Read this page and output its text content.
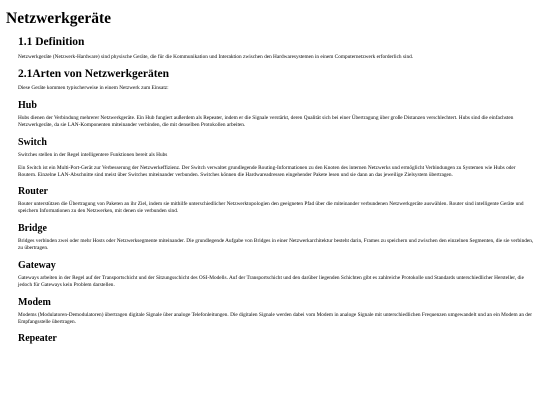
Netzwerkgeräte
1.1 Definition

Netzwerkgeräte (Netzwerk-Hardware) sind physische Geräte, die für die Kommunikation und Interaktion zwischen den Hardwaresystemen in einem Computernetzwerk erforderlich sind.

2.1Arten von Netzwerkgeräten

Diese Geräte kommen typischerweise in einem Netzwerk zum Einsatz:

Hub

Hubs dienen der Verbindung mehrerer Netzwerkgeräte. Ein Hub fungiert außerdem als Repeater, indem er die Signale verstärkt, deren Qualität sich bei einer Übertragung über große Distanzen verschlechtert. Hubs sind die einfachsten Netzwerkgeräte, da sie LAN-Komponenten miteinander verbinden, die mit denselben Protokollen arbeiten.

Switch

Switches stellen in der Regel intelligentere Funktionen bereit als Hubs

Ein Switch ist ein Multi-Port-Gerät zur Verbesserung der Netzwerkeffizienz. Der Switch verwaltet grundlegende Routing-Informationen zu den Knoten des internen Netzwerks und ermöglicht Verbindungen zu Systemen wie Hubs oder Routern. Einzelne LAN-Abschnitte sind meist über Switches miteinander verbunden. Switches können die Hardwareadressen eingehender Pakete lesen und sie dann an das jeweilige Zielsystem übertragen.

Router

Router unterstützen die Übertragung von Paketen an ihr Ziel, indem sie mithilfe unterschiedlicher Netzwerktopologien den geeigneten Pfad über die miteinander verbundenen Netzwerkgeräte auswählen. Router sind intelligente Geräte und speichern Informationen zu den Netzwerken, mit denen sie verbunden sind.

Bridge

Bridges verbinden zwei oder mehr Hosts oder Netzwerksegmente miteinander. Die grundlegende Aufgabe von Bridges in einer Netzwerkarchitektur besteht darin, Frames zu speichern und zwischen den einzelnen Segmenten, die sie verbinden, zu übertragen.

Gateway

Gateways arbeiten in der Regel auf der Transportschicht und der Sitzungsschicht des OSI-Modells. Auf der Transportschicht und den darüber liegenden Schichten gibt es zahlreiche Protokolle und Standards unterschiedlicher Hersteller, die jedoch für Gateways kein Problem darstellen.

Modem

Modems (Modulatoren-Demodulatoren) übertragen digitale Signale über analoge Telefonleitungen. Die digitalen Signale werden dabei vom Modem in analoge Signale mit unterschiedlichen Frequenzen umgewandelt und an ein Modem an der Empfangsstelle übertragen.

Repeater
